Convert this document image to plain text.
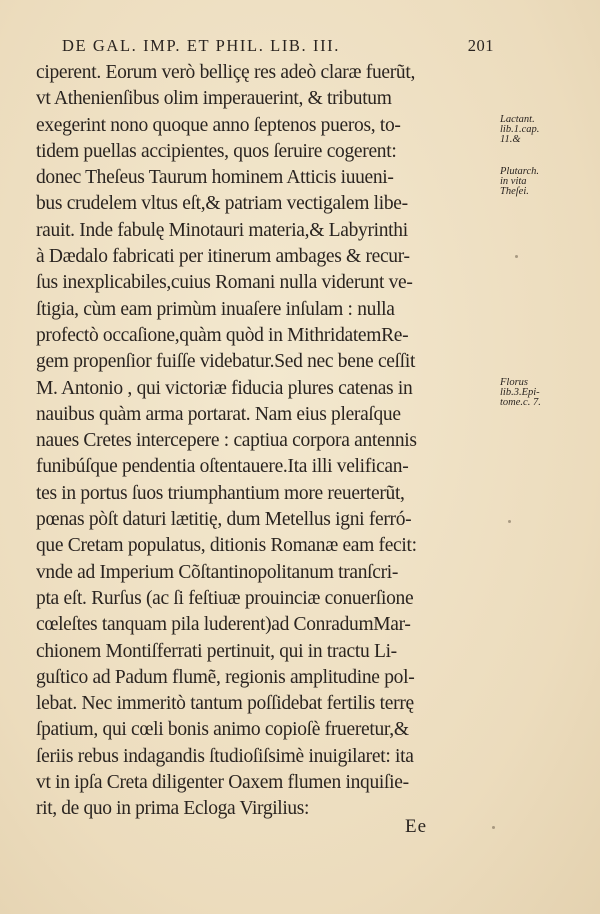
DE GAL. IMP. ET PHIL. LIB. III.	201
ciperent. Eorum verò belliçę res adeò claræ fuerũt,
vt Athenienſibus olim imperauerint, & tributum
exegerint nono quoque anno ſeptenos pueros, to-
tidem puellas accipientes, quos ſeruire cogerent:
donec Theſeus Taurum hominem Atticis iuueni-
bus crudelem vltus eſt,& patriam vectigalem libe-
rauit. Inde fabulę Minotauri materia,& Labyrinthi
à Dædalo fabricati per itinerum ambages & recur-
ſus inexplicabiles,cuius Romani nulla viderunt ve-
ſtigia, cùm eam primùm inuaſere inſulam : nulla
profectò occaſione,quàm quòd in MithridatemRe-
gem propenſior fuiſſe videbatur.Sed nec bene ceſſit
M. Antonio , qui victoriæ fiducia plures catenas in
nauibus quàm arma portarat. Nam eius pleraſque
naues Cretes intercepere : captiua corpora antennis
funibúſque pendentia oſtentauere.Ita illi velifican-
tes in portus ſuos triumphantium more reuerterũt,
pœnas pòſt daturi lætitię, dum Metellus igni ferró-
que Cretam populatus, ditionis Romanæ eam fecit:
vnde ad Imperium Cõſtantinopolitanum tranſcri-
pta eſt. Rurſus (ac ſi feſtiuæ prouinciæ conuerſione
cœleſtes tanquam pila luderent)ad ConradumMar-
chionem Montiſferrati pertinuit, qui in tractu Li-
guſtico ad Padum flumẽ, regionis amplitudine pol-
lebat. Nec immeritò tantum poſſidebat fertilis terrę
ſpatium, qui cœli bonis animo copioſè frueretur,&
ſeriis rebus indagandis ſtudioſiſsimè inuigilaret: ita
vt in ipſa Creta diligenter Oaxem flumen inquiſie-
rit, de quo in prima Ecloga Virgilius:
Lactant.
lib.1.cap.
11.&
Plutarch.
in vita
Theſei.
Florus
lib.3.Epi-
tome.c. 7.
Ee
